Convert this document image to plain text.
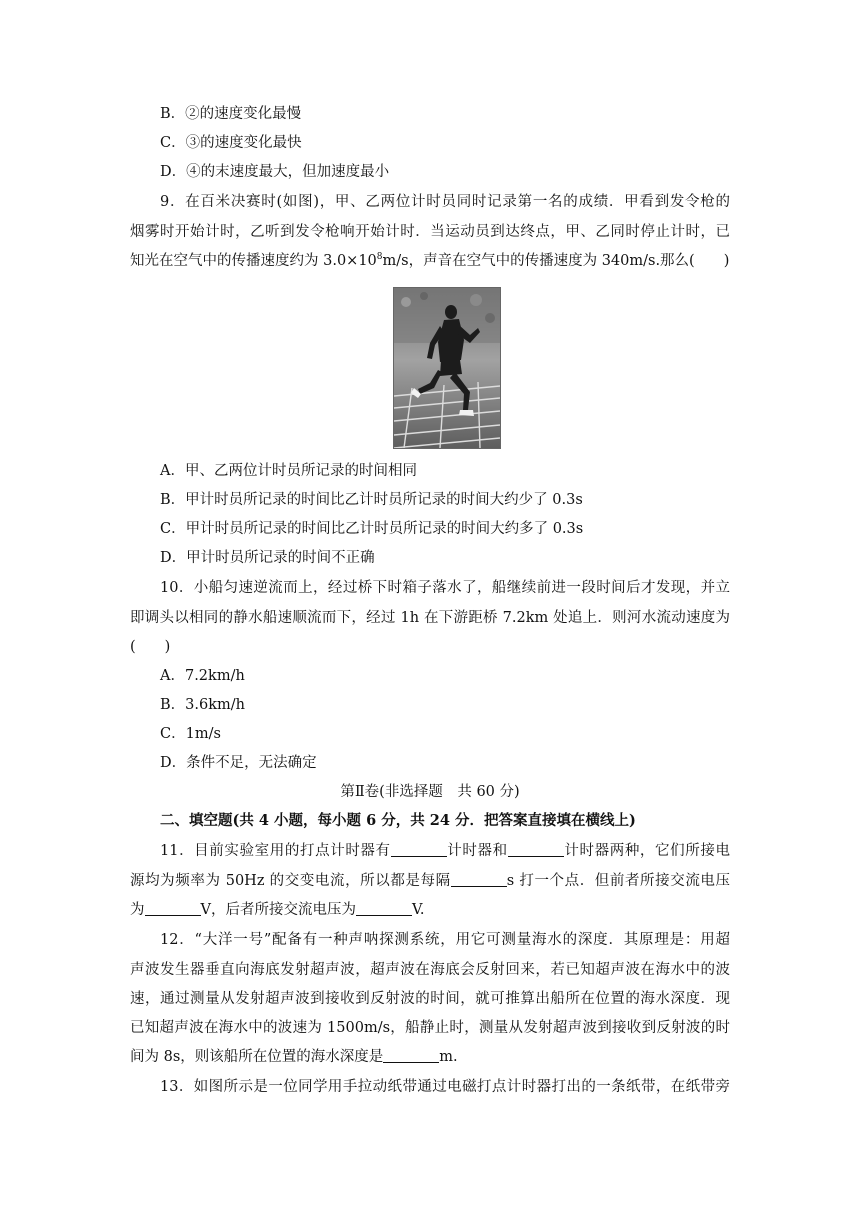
B．②的速度变化最慢
C．③的速度变化最快
D．④的末速度最大，但加速度最小
9．在百米决赛时(如图)，甲、乙两位计时员同时记录第一名的成绩．甲看到发令枪的
烟雾时开始计时，乙听到发令枪响开始计时．当运动员到达终点，甲、乙同时停止计时，已
知光在空气中的传播速度约为 $3.0\times 10^8m/s$，声音在空气中的传播速度为 340m/s.那么(　　)
A．甲、乙两位计时员所记录的时间相同
B．甲计时员所记录的时间比乙计时员所记录的时间大约少了 0.3s
C．甲计时员所记录的时间比乙计时员所记录的时间大约多了 0.3s
D．甲计时员所记录的时间不正确
10．小船匀速逆流而上，经过桥下时箱子落水了，船继续前进一段时间后才发现，并立
即调头以相同的静水船速顺流而下，经过 1h 在下游距桥 7.2km 处追上．则河水流动速度为
(　　)
A．7.2km/h
B．3.6km/h
C．1m/s
D．条件不足，无法确定
第Ⅱ卷(非选择题　共 60 分)
二、填空题(共 4 小题，每小题 6 分，共 24 分．把答案直接填在横线上)
11．目前实验室用的打点计时器有	计时器和	计时器两种，它们所接电
源均为频率为 50Hz 的交变电流，所以都是每隔	s 打一个点．但前者所接交流电压
为	V，后者所接交流电压为	V.
12．“大洋一号”配备有一种声呐探测系统，用它可测量海水的深度．其原理是：用超
声波发生器垂直向海底发射超声波，超声波在海底会反射回来，若已知超声波在海水中的波
速，通过测量从发射超声波到接收到反射波的时间，就可推算出船所在位置的海水深度．现
已知超声波在海水中的波速为 1500m/s，船静止时，测量从发射超声波到接收到反射波的时
间为 8s，则该船所在位置的海水深度是	m.
13．如图所示是一位同学用手拉动纸带通过电磁打点计时器打出的一条纸带，在纸带旁
